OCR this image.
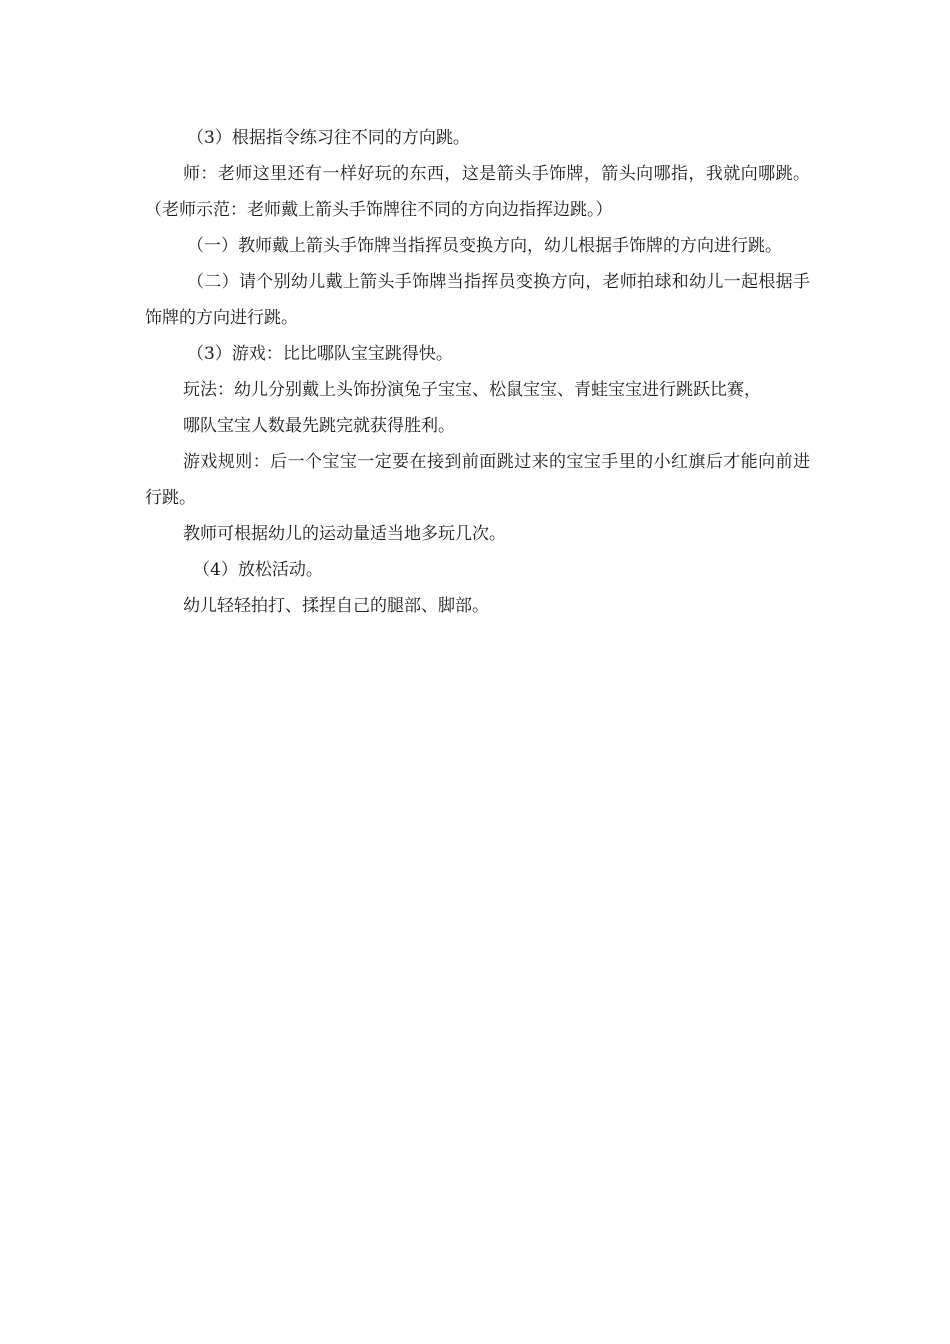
（3）根据指令练习往不同的方向跳。

师：老师这里还有一样好玩的东西，这是箭头手饰牌，箭头向哪指，我就向哪跳。（老师示范：老师戴上箭头手饰牌往不同的方向边指挥边跳。）

（一）教师戴上箭头手饰牌当指挥员变换方向，幼儿根据手饰牌的方向进行跳。

（二）请个别幼儿戴上箭头手饰牌当指挥员变换方向，老师拍球和幼儿一起根据手饰牌的方向进行跳。

（3）游戏：比比哪队宝宝跳得快。

玩法：幼儿分别戴上头饰扮演兔子宝宝、松鼠宝宝、青蛙宝宝进行跳跃比赛，

哪队宝宝人数最先跳完就获得胜利。

游戏规则：后一个宝宝一定要在接到前面跳过来的宝宝手里的小红旗后才能向前进行跳。

教师可根据幼儿的运动量适当地多玩几次。

（4）放松活动。

幼儿轻轻拍打、揉捏自己的腿部、脚部。
